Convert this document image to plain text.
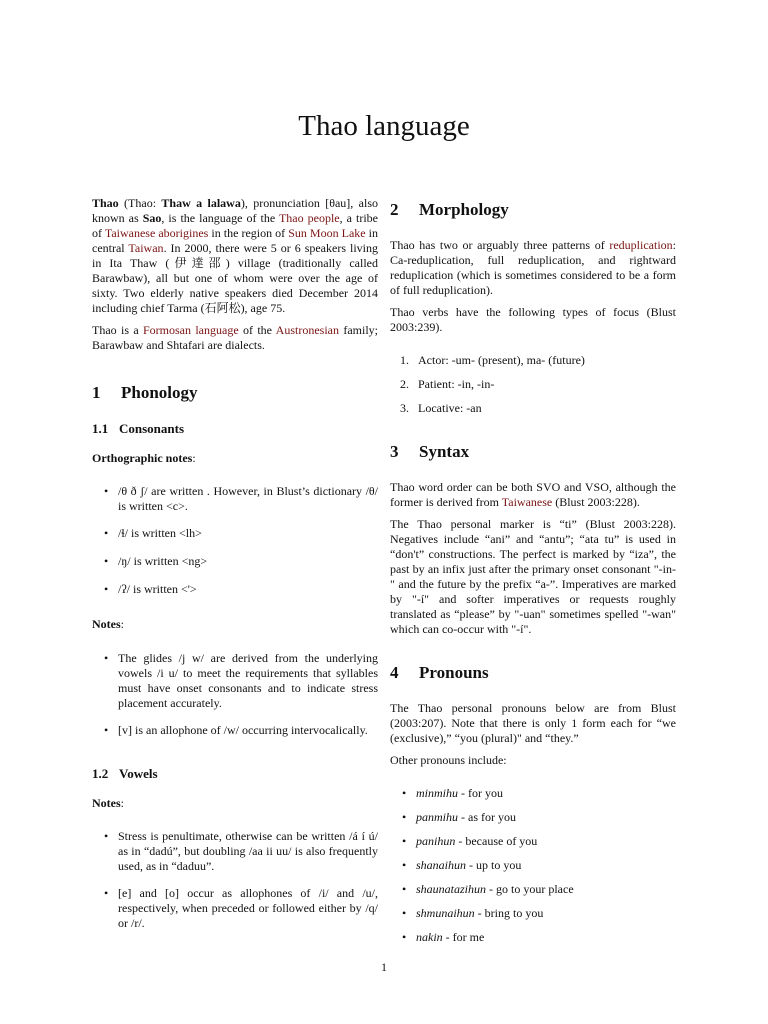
Thao language

Thao (Thao: Thaw a lalawa), pronunciation [θau], also known as Sao, is the language of the Thao people, a tribe of Taiwanese aborigines in the region of Sun Moon Lake in central Taiwan. In 2000, there were 5 or 6 speakers living in Ita Thaw (伊達邵) village (traditionally called Barawbaw), all but one of whom were over the age of sixty. Two elderly native speakers died December 2014 including chief Tarma (石阿松), age 75.

Thao is a Formosan language of the Austronesian family; Barawbaw and Shtafari are dialects.

1 Phonology
1.1 Consonants

Orthographic notes:

• /θ ð ʃ/ are written . However, in Blust’s dictionary /θ/ is written <c>.
• /ɬ/ is written <lh>
• /ŋ/ is written <ng>
• /ʔ/ is written <'>

Notes:

• The glides /j w/ are derived from the underlying vowels /i u/ to meet the requirements that syllables must have onset consonants and to indicate stress placement accurately.
• [v] is an allophone of /w/ occurring intervocalically.
1.2 Vowels

Notes:

• Stress is penultimate, otherwise can be written /á í ú/ as in “dadú”, but doubling /aa ii uu/ is also frequently used, as in “daduu”.
• [e] and [o] occur as allophones of /i/ and /u/, respectively, when preceded or followed either by /q/ or /r/.
2 Morphology

Thao has two or arguably three patterns of reduplication: Ca-reduplication, full reduplication, and rightward reduplication (which is sometimes considered to be a form of full reduplication).

Thao verbs have the following types of focus (Blust 2003:239).

1. Actor: -um- (present), ma- (future)
2. Patient: -in, -in-
3. Locative: -an
3 Syntax

Thao word order can be both SVO and VSO, although the former is derived from Taiwanese (Blust 2003:228).

The Thao personal marker is “ti” (Blust 2003:228). Negatives include “ani” and “antu”; “ata tu” is used in “don't” constructions. The perfect is marked by “iza”, the past by an infix just after the primary onset consonant "-in-" and the future by the prefix “a-”. Imperatives are marked by "-í" and softer imperatives or requests roughly translated as “please” by "-uan" sometimes spelled "-wan" which can co-occur with "-í".

4 Pronouns

The Thao personal pronouns below are from Blust (2003:207). Note that there is only 1 form each for “we (exclusive),” “you (plural)" and “they.”

Other pronouns include:

• minmihu - for you
• panmihu - as for you
• panihun - because of you
• shanaihun - up to you
• shaunatazihun - go to your place
• shmunaihun - bring to you
• nakin - for me
1
